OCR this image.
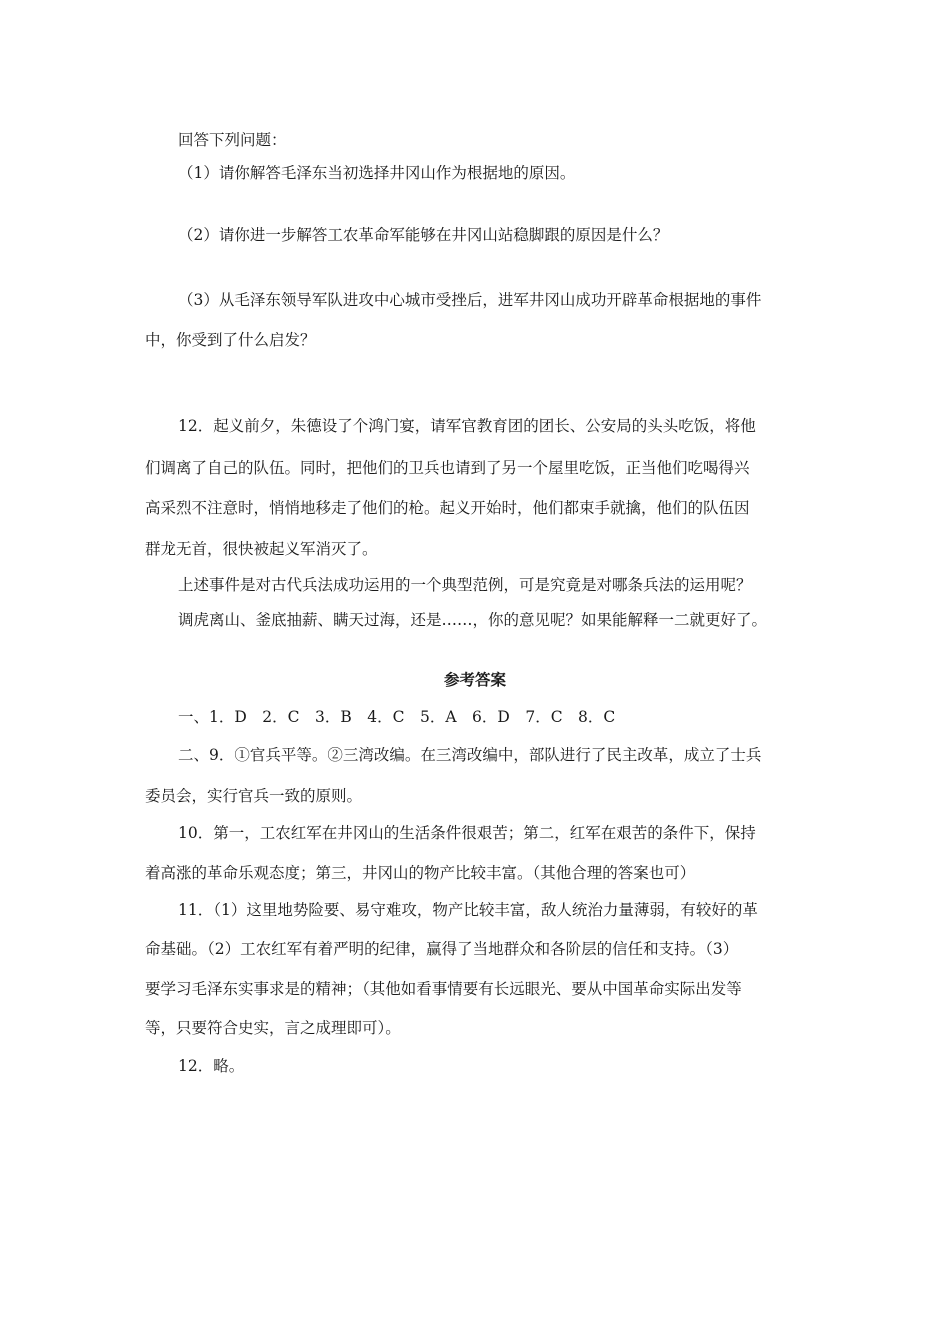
回答下列问题：
（1）请你解答毛泽东当初选择井冈山作为根据地的原因。
（2）请你进一步解答工农革命军能够在井冈山站稳脚跟的原因是什么？
（3）从毛泽东领导军队进攻中心城市受挫后，进军井冈山成功开辟革命根据地的事件
中，你受到了什么启发？
12．起义前夕，朱德设了个鸿门宴，请军官教育团的团长、公安局的头头吃饭，将他
们调离了自己的队伍。同时，把他们的卫兵也请到了另一个屋里吃饭，正当他们吃喝得兴
高采烈不注意时，悄悄地移走了他们的枪。起义开始时，他们都束手就擒，他们的队伍因
群龙无首，很快被起义军消灭了。
上述事件是对古代兵法成功运用的一个典型范例，可是究竟是对哪条兵法的运用呢？
调虎离山、釜底抽薪、瞒天过海，还是……，你的意见呢？如果能解释一二就更好了。
参考答案
一、1．D　2．C　3．B　4．C　5．A　6．D　7．C　8．C
二、9．①官兵平等。②三湾改编。在三湾改编中，部队进行了民主改革，成立了士兵
委员会，实行官兵一致的原则。
10．第一，工农红军在井冈山的生活条件很艰苦；第二，红军在艰苦的条件下，保持
着高涨的革命乐观态度；第三，井冈山的物产比较丰富。（其他合理的答案也可）
11．（1）这里地势险要、易守难攻，物产比较丰富，敌人统治力量薄弱，有较好的革
命基础。（2）工农红军有着严明的纪律，赢得了当地群众和各阶层的信任和支持。（3）
要学习毛泽东实事求是的精神；（其他如看事情要有长远眼光、要从中国革命实际出发等
等，只要符合史实，言之成理即可）。
12．略。
